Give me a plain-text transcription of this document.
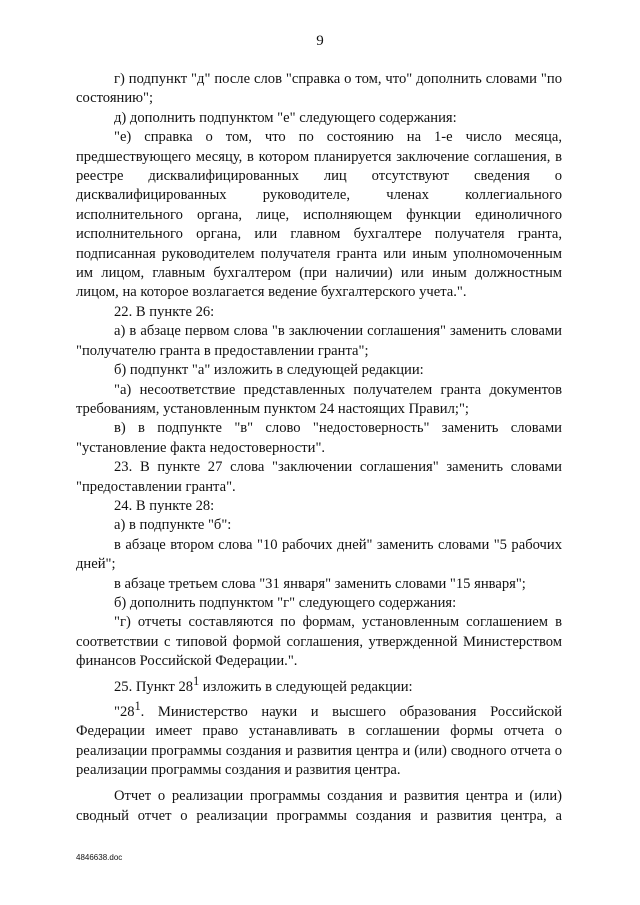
9

г) подпункт "д" после слов "справка о том, что" дополнить словами "по состоянию";

д) дополнить подпунктом "е" следующего содержания:

"е) справка о том, что по состоянию на 1-е число месяца, предшествующего месяцу, в котором планируется заключение соглашения, в реестре дисквалифицированных лиц отсутствуют сведения о дисквалифицированных руководителе, членах коллегиального исполнительного органа, лице, исполняющем функции единоличного исполнительного органа, или главном бухгалтере получателя гранта, подписанная руководителем получателя гранта или иным уполномоченным им лицом, главным бухгалтером (при наличии) или иным должностным лицом, на которое возлагается ведение бухгалтерского учета.".

22. В пункте 26:

а) в абзаце первом слова "в заключении соглашения" заменить словами "получателю гранта в предоставлении гранта";

б) подпункт "а" изложить в следующей редакции:

"а) несоответствие представленных получателем гранта документов требованиям, установленным пунктом 24 настоящих Правил;";

в) в подпункте "в" слово "недостоверность" заменить словами "установление факта недостоверности".

23. В пункте 27 слова "заключении соглашения" заменить словами "предоставлении гранта".

24. В пункте 28:

а) в подпункте "б":

в абзаце втором слова "10 рабочих дней" заменить словами "5 рабочих дней";

в абзаце третьем слова "31 января" заменить словами "15 января";

б) дополнить подпунктом "г" следующего содержания:

"г) отчеты составляются по формам, установленным соглашением в соответствии с типовой формой соглашения, утвержденной Министерством финансов Российской Федерации.".

25. Пункт $28^1$ изложить в следующей редакции:

"$28^1$. Министерство науки и высшего образования Российской Федерации имеет право устанавливать в соглашении формы отчета о реализации программы создания и развития центра и (или) сводного отчета о реализации программы создания и развития центра.

Отчет о реализации программы создания и развития центра и (или) сводный отчет о реализации программы создания и развития центра, а

4846638.doc
